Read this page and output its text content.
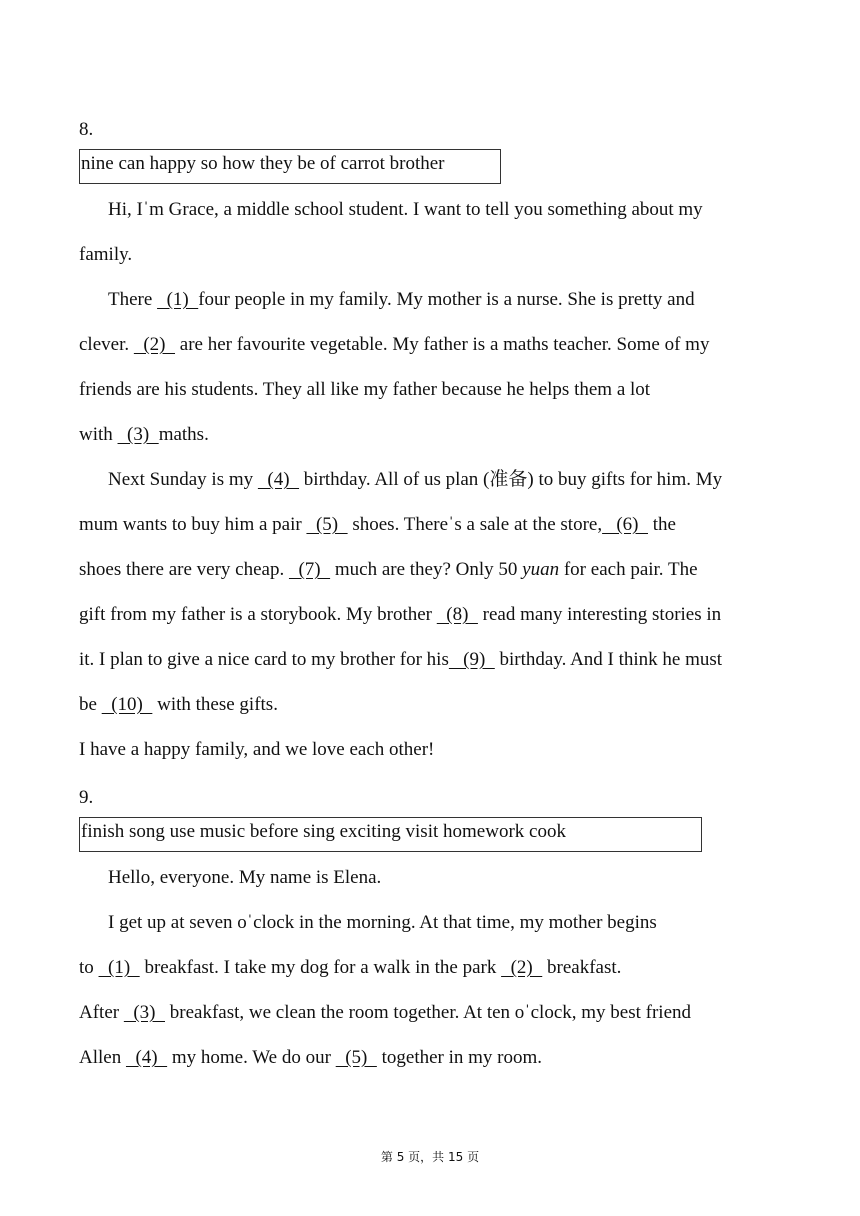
8.
nine can happy so how they be of carrot brother
Hi, Iˈm Grace, a middle school student. I want to tell you something about my
family.
There   (1)  four people in my family. My mother is a nurse. She is pretty and
clever.   (2)   are her favourite vegetable. My father is a maths teacher. Some of my
friends are his students. They all like my father because he helps them a lot
with   (3)  maths.
Next Sunday is my   (4)   birthday. All of us plan (准备) to buy gifts for him. My
mum wants to buy him a pair   (5)   shoes. Thereˈs a sale at the store,   (6)   the
shoes there are very cheap.   (7)   much are they? Only 50 yuan for each pair. The
gift from my father is a storybook. My brother   (8)   read many interesting stories in
it. I plan to give a nice card to my brother for his   (9)   birthday. And I think he must
be   (10)   with these gifts.
I have a happy family, and we love each other!
9.
finish song use music before sing exciting visit homework cook
Hello, everyone. My name is Elena.
I get up at seven oˈclock in the morning. At that time, my mother begins
to   (1)   breakfast. I take my dog for a walk in the park   (2)   breakfast.
After   (3)   breakfast, we clean the room together. At ten oˈclock, my best friend
Allen   (4)   my home. We do our   (5)   together in my room.
第 5 页，共 15 页
